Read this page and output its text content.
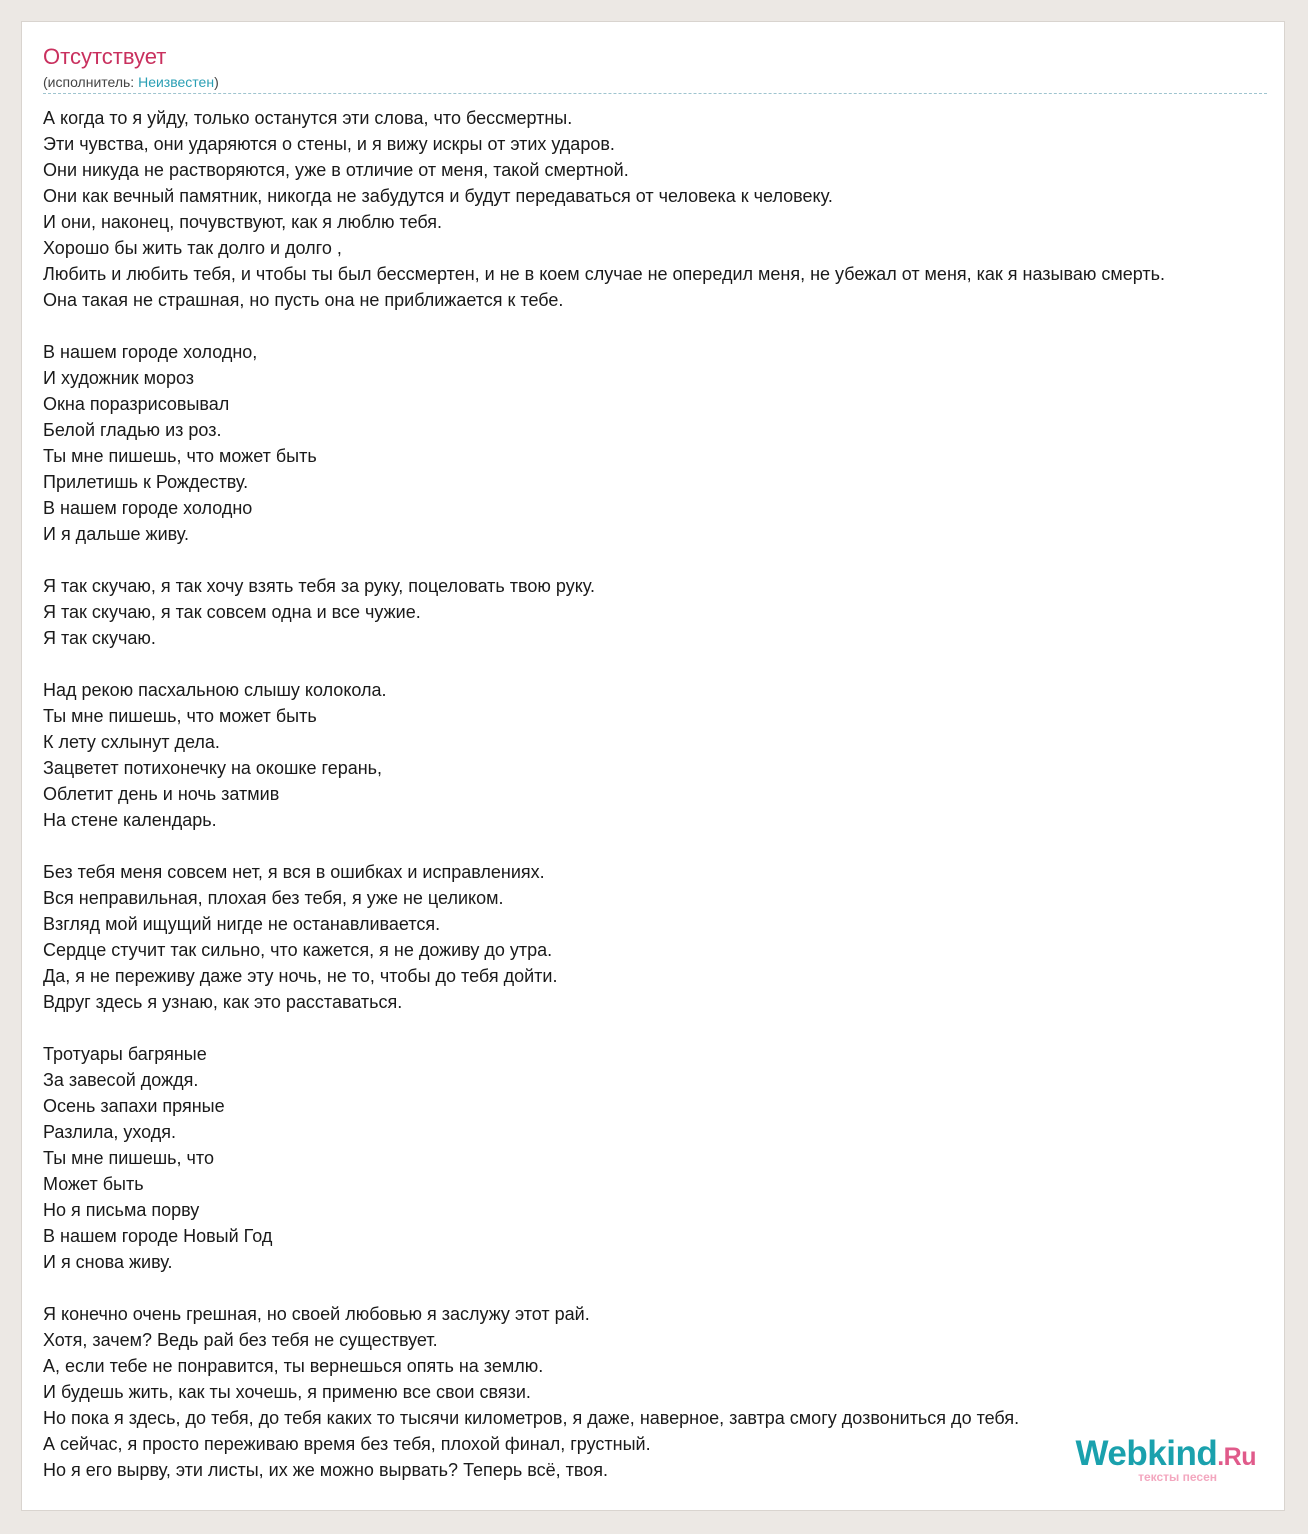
Отсутствует
(исполнитель: Неизвестен)
А когда то я уйду, только останутся эти слова, что бессмертны.
Эти чувства, они ударяются о стены, и я вижу искры от этих ударов.
Они никуда не растворяются, уже в отличие от меня, такой смертной.
Они как вечный памятник, никогда не забудутся и будут передаваться от человека к человеку.
И они, наконец, почувствуют, как я люблю тебя.
Хорошо бы жить так долго и долго ,
Любить и любить тебя, и чтобы ты был бессмертен, и не в коем случае не опередил меня, не убежал от меня, как я называю смерть.
Она такая не страшная, но пусть она не приближается к тебе.
В нашем городе холодно,
И художник мороз
Окна поразрисовывал
Белой гладью из роз.
Ты мне пишешь, что может быть
Прилетишь к Рождеству.
В нашем городе холодно
И я дальше живу.
Я так скучаю, я так хочу взять тебя за руку, поцеловать твою руку.
Я так скучаю, я так совсем одна и все чужие.
Я так скучаю.
Над рекою пасхальною слышу колокола.
Ты мне пишешь, что может быть
К лету схлынут дела.
Зацветет потихонечку на окошке герань,
Облетит день и ночь затмив
На стене календарь.
Без тебя меня совсем нет, я вся в ошибках и исправлениях.
Вся неправильная, плохая без тебя, я уже не целиком.
Взгляд мой ищущий нигде не останавливается.
Сердце стучит так сильно, что кажется, я не доживу до утра.
Да, я не переживу даже эту ночь, не то, чтобы до тебя дойти.
Вдруг здесь я узнаю, как это расставаться.
Тротуары багряные
За завесой дождя.
Осень запахи пряные
Разлила, уходя.
Ты мне пишешь, что
Может быть
Но я письма порву
В нашем городе Новый Год
И я снова живу.
Я конечно очень грешная, но своей любовью я заслужу этот рай.
Хотя, зачем? Ведь рай без тебя не существует.
А, если тебе не понравится, ты вернешься опять на землю.
И будешь жить, как ты хочешь, я применю все свои связи.
Но пока я здесь, до тебя, до тебя каких то тысячи километров, я даже, наверное, завтра смогу дозвониться до тебя.
А сейчас, я просто переживаю время без тебя, плохой финал, грустный.
Но я его вырву, эти листы, их же можно вырвать? Теперь всё, твоя.	Webkind.Ru
тексты песен
